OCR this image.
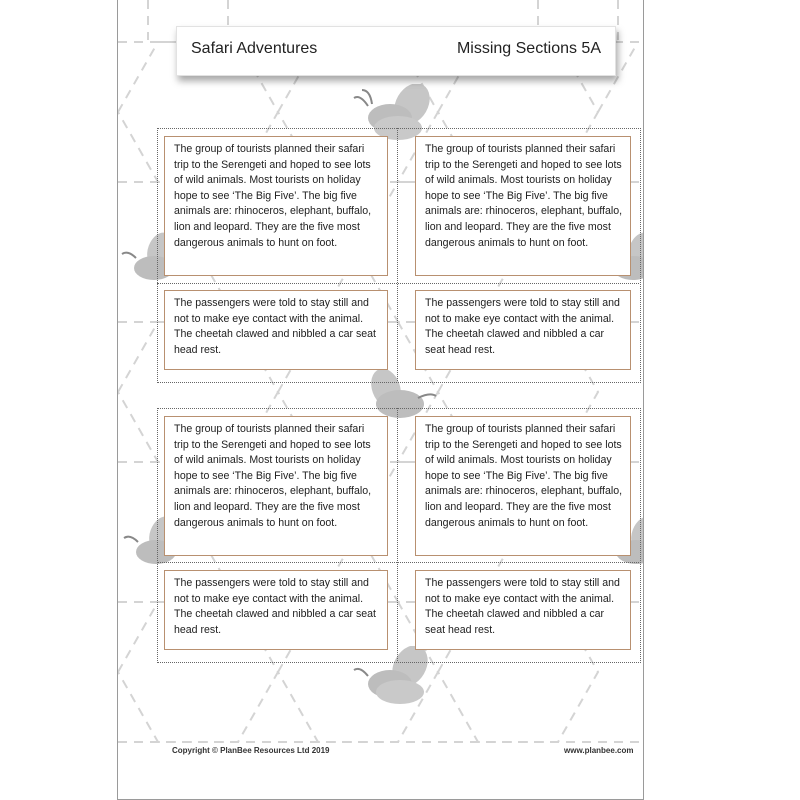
Safari Adventures	Missing Sections 5A
The group of tourists planned their safari trip to the Serengeti and hoped to see lots of wild animals. Most tourists on holiday hope to see ‘The Big Five’. The big five animals are: rhinoceros, elephant, buffalo, lion and leopard. They are the five most dangerous animals to hunt on foot.
The group of tourists planned their safari trip to the Serengeti and hoped to see lots of wild animals. Most tourists on holiday hope to see ‘The Big Five’. The big five animals are: rhinoceros, elephant, buffalo, lion and leopard. They are the five most dangerous animals to hunt on foot.
The passengers were told to stay still and not to make eye contact with the animal. The cheetah clawed and nibbled a car seat head rest.
The passengers were told to stay still and not to make eye contact with the animal. The cheetah clawed and nibbled a car seat head rest.
The group of tourists planned their safari trip to the Serengeti and hoped to see lots of wild animals. Most tourists on holiday hope to see ‘The Big Five’. The big five animals are: rhinoceros, elephant, buffalo, lion and leopard. They are the five most dangerous animals to hunt on foot.
The group of tourists planned their safari trip to the Serengeti and hoped to see lots of wild animals. Most tourists on holiday hope to see ‘The Big Five’. The big five animals are: rhinoceros, elephant, buffalo, lion and leopard. They are the five most dangerous animals to hunt on foot.
The passengers were told to stay still and not to make eye contact with the animal. The cheetah clawed and nibbled a car seat head rest.
The passengers were told to stay still and not to make eye contact with the animal. The cheetah clawed and nibbled a car seat head rest.
Copyright © PlanBee Resources Ltd 2019	www.planbee.com
